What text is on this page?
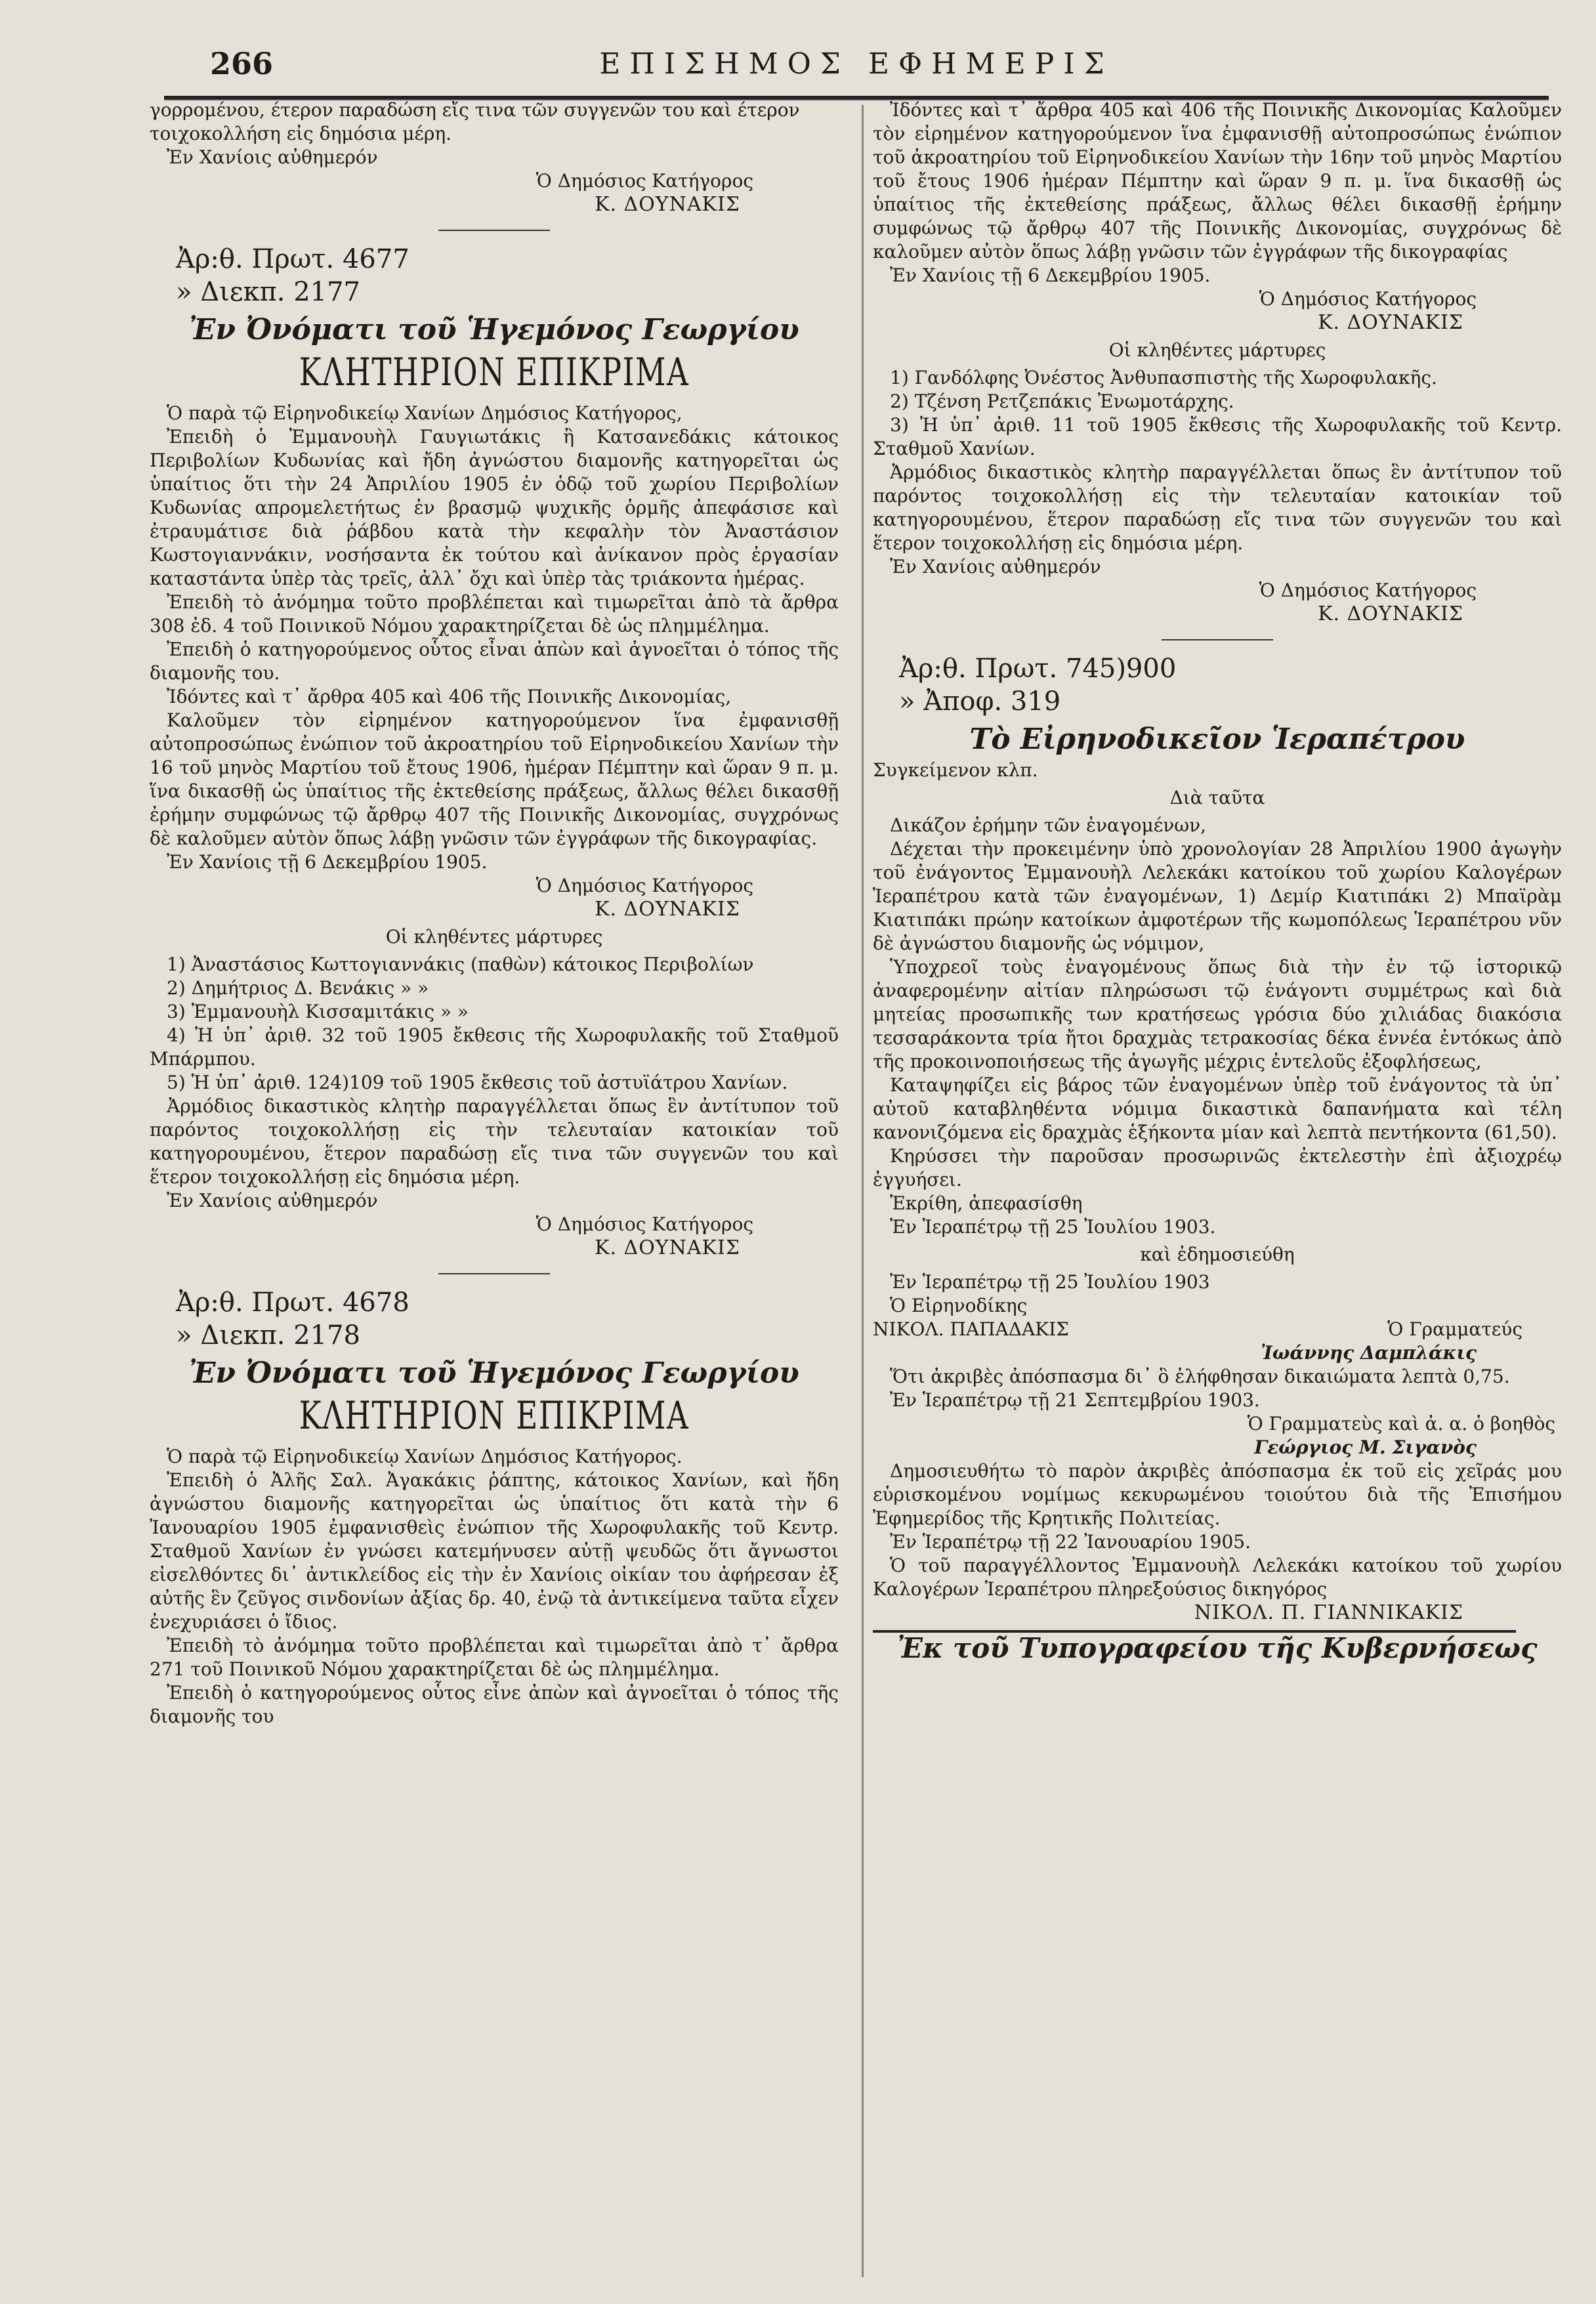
266	ΕΠΙΣΗΜΟΣ ΕΦΗΜΕΡΙΣ

γορρομένου, έτερον παραδώση εἴς τινα τῶν συγγενῶν του καὶ έτερον

τοιχοκολλήση εἰς δημόσια μέρη.

Ἐν Χανίοις αὐθημερόν

Ὁ Δημόσιος Κατήγορος

Κ. ΔΟΥΝΑΚΙΣ

Ἀρ:θ. Πρωτ. 4677

» Διεκπ. 2177

Ἐν Ὀνόματι τοῦ Ἡγεμόνος Γεωργίου

ΚΛΗΤΗΡΙΟΝ ΕΠΙΚΡΙΜΑ

Ὁ παρὰ τῷ Εἰρηνοδικείῳ Χανίων Δημόσιος Κατήγορος,

Ἐπειδὴ ὁ Ἐμμανουὴλ Γαυγιωτάκις ἢ Κατσανεδάκις κάτοικος Περιβολίων Κυδωνίας καὶ ἤδη ἀγνώστου διαμονῆς κατηγορεῖται ὡς ὑπαίτιος ὅτι τὴν 24 Ἀπριλίου 1905 ἐν ὁδῷ τοῦ χωρίου Περιβολίων Κυδωνίας απρομελετήτως ἐν βρασμῷ ψυχικῆς ὁρμῆς ἀπεφάσισε καὶ ἐτραυμάτισε διὰ ῥάβδου κατὰ τὴν κεφαλὴν τὸν Ἀναστάσιον Κωστογιαννάκιν, νοσήσαντα ἐκ τούτου καὶ ἀνίκανον πρὸς ἐργασίαν καταστάντα ὑπὲρ τὰς τρεῖς, ἀλλ᾽ ὄχι καὶ ὑπὲρ τὰς τριάκοντα ἡμέρας.

Ἐπειδὴ τὸ ἀνόμημα τοῦτο προβλέπεται καὶ τιμωρεῖται ἀπὸ τὰ ἄρθρα 308 ἐδ. 4 τοῦ Ποινικοῦ Νόμου χαρακτηρίζεται δὲ ὡς πλημμέλημα.

Ἐπειδὴ ὁ κατηγορούμενος οὗτος εἶναι ἀπὼν καὶ ἀγνοεῖται ὁ τόπος τῆς διαμονῆς του.

Ἰδόντες καὶ τ᾽ ἄρθρα 405 καὶ 406 τῆς Ποινικῆς Δικονομίας,

Καλοῦμεν τὸν εἰρημένον κατηγορούμενον ἵνα ἐμφανισθῇ αὐτοπροσώπως ἐνώπιον τοῦ ἀκροατηρίου τοῦ Εἰρηνοδικείου Χανίων τὴν 16 τοῦ μηνὸς Μαρτίου τοῦ ἔτους 1906, ἡμέραν Πέμπτην καὶ ὥραν 9 π. μ. ἵνα δικασθῇ ὡς ὑπαίτιος τῆς ἐκτεθείσης πράξεως, ἄλλως θέλει δικασθῇ ἐρήμην συμφώνως τῷ ἄρθρῳ 407 τῆς Ποινικῆς Δικονομίας, συγχρόνως δὲ καλοῦμεν αὐτὸν ὅπως λάβῃ γνῶσιν τῶν ἐγγράφων τῆς δικογραφίας.

Ἐν Χανίοις τῇ 6 Δεκεμβρίου 1905.

Ὁ Δημόσιος Κατήγορος

Κ. ΔΟΥΝΑΚΙΣ

Οἱ κληθέντες μάρτυρες

1) Ἀναστάσιος Κωττογιαννάκις (παθὼν) κάτοικος Περιβολίων

2) Δημήτριος Δ. Βενάκις » »

3) Ἐμμανουὴλ Κισσαμιτάκις » »

4) Ἡ ὑπ᾽ ἀριθ. 32 τοῦ 1905 ἔκθεσις τῆς Χωροφυλακῆς τοῦ Σταθμοῦ Μπάρμπου.

5) Ἡ ὑπ᾽ ἀριθ. 124)109 τοῦ 1905 ἔκθεσις τοῦ ἀστυϊάτρου Χανίων.

Ἀρμόδιος δικαστικὸς κλητὴρ παραγγέλλεται ὅπως ἓν ἀντίτυπον τοῦ παρόντος τοιχοκολλήσῃ εἰς τὴν τελευταίαν κατοικίαν τοῦ κατηγορουμένου, ἕτερον παραδώσῃ εἴς τινα τῶν συγγενῶν του καὶ ἕτερον τοιχοκολλήσῃ εἰς δημόσια μέρη.

Ἐν Χανίοις αὐθημερόν

Ὁ Δημόσιος Κατήγορος

Κ. ΔΟΥΝΑΚΙΣ

Ἀρ:θ. Πρωτ. 4678

» Διεκπ. 2178

Ἐν Ὀνόματι τοῦ Ἡγεμόνος Γεωργίου

ΚΛΗΤΗΡΙΟΝ ΕΠΙΚΡΙΜΑ

Ὁ παρὰ τῷ Εἰρηνοδικείῳ Χανίων Δημόσιος Κατήγορος.

Ἐπειδὴ ὁ Ἀλῆς Σαλ. Ἀγακάκις ῥάπτης, κάτοικος Χανίων, καὶ ἤδη ἀγνώστου διαμονῆς κατηγορεῖται ὡς ὑπαίτιος ὅτι κατὰ τὴν 6 Ἰανουαρίου 1905 ἐμφανισθεὶς ἐνώπιον τῆς Χωροφυλακῆς τοῦ Κεντρ. Σταθμοῦ Χανίων ἐν γνώσει κατεμήνυσεν αὐτῇ ψευδῶς ὅτι ἄγνωστοι εἰσελθόντες δι᾽ ἀντικλείδος εἰς τὴν ἐν Χανίοις οἰκίαν του ἀφήρεσαν ἐξ αὐτῆς ἓν ζεῦγος σινδονίων ἀξίας δρ. 40, ἐνῷ τὰ ἀντικείμενα ταῦτα εἶχεν ἐνεχυριάσει ὁ ἴδιος.

Ἐπειδὴ τὸ ἀνόμημα τοῦτο προβλέπεται καὶ τιμωρεῖται ἀπὸ τ᾽ ἄρθρα 271 τοῦ Ποινικοῦ Νόμου χαρακτηρίζεται δὲ ὡς πλημμέλημα.

Ἐπειδὴ ὁ κατηγορούμενος οὗτος εἶνε ἀπὼν καὶ ἀγνοεῖται ὁ τόπος τῆς διαμονῆς του

Ἰδόντες καὶ τ᾽ ἄρθρα 405 καὶ 406 τῆς Ποινικῆς Δικονομίας Καλοῦμεν τὸν εἰρημένον κατηγορούμενον ἵνα ἐμφανισθῇ αὐτοπροσώπως ἐνώπιον τοῦ ἀκροατηρίου τοῦ Εἰρηνοδικείου Χανίων τὴν 16ην τοῦ μηνὸς Μαρτίου τοῦ ἔτους 1906 ἡμέραν Πέμπτην καὶ ὥραν 9 π. μ. ἵνα δικασθῇ ὡς ὑπαίτιος τῆς ἐκτεθείσης πράξεως, ἄλλως θέλει δικασθῇ ἐρήμην συμφώνως τῷ ἄρθρῳ 407 τῆς Ποινικῆς Δικονομίας, συγχρόνως δὲ καλοῦμεν αὐτὸν ὅπως λάβῃ γνῶσιν τῶν ἐγγράφων τῆς δικογραφίας

Ἐν Χανίοις τῇ 6 Δεκεμβρίου 1905.

Ὁ Δημόσιος Κατήγορος

Κ. ΔΟΥΝΑΚΙΣ

Οἱ κληθέντες μάρτυρες

1) Γανδόλφης Ὀνέστος Ἀνθυπασπιστὴς τῆς Χωροφυλακῆς.

2) Τζένση Ρετζεπάκις Ἐνωμοτάρχης.

3) Ἡ ὑπ᾽ ἀριθ. 11 τοῦ 1905 ἔκθεσις τῆς Χωροφυλακῆς τοῦ Κεντρ. Σταθμοῦ Χανίων.

Ἀρμόδιος δικαστικὸς κλητὴρ παραγγέλλεται ὅπως ἓν ἀντίτυπον τοῦ παρόντος τοιχοκολλήσῃ εἰς τὴν τελευταίαν κατοικίαν τοῦ κατηγορουμένου, ἕτερον παραδώσῃ εἴς τινα τῶν συγγενῶν του καὶ ἕτερον τοιχοκολλήσῃ εἰς δημόσια μέρη.

Ἐν Χανίοις αὐθημερόν

Ὁ Δημόσιος Κατήγορος

Κ. ΔΟΥΝΑΚΙΣ

Ἀρ:θ. Πρωτ. 745)900

» Ἀποφ. 319

Τὸ Εἰρηνοδικεῖον Ἱεραπέτρου

Συγκείμενον κλπ.

Διὰ ταῦτα

Δικάζον ἐρήμην τῶν ἐναγομένων,

Δέχεται τὴν προκειμένην ὑπὸ χρονολογίαν 28 Ἀπριλίου 1900 ἀγωγὴν τοῦ ἐνάγοντος Ἐμμανουὴλ Λελεκάκι κατοίκου τοῦ χωρίου Καλογέρων Ἱεραπέτρου κατὰ τῶν ἐναγομένων, 1) Δεμίρ Κιατιπάκι 2) Μπαϊρὰμ Κιατιπάκι πρώην κατοίκων ἀμφοτέρων τῆς κωμοπόλεως Ἱεραπέτρου νῦν δὲ ἀγνώστου διαμονῆς ὡς νόμιμον,

Ὑποχρεοῖ τοὺς ἐναγομένους ὅπως διὰ τὴν ἐν τῷ ἱστορικῷ ἀναφερομένην αἰτίαν πληρώσωσι τῷ ἐνάγοντι συμμέτρως καὶ διὰ μητείας προσωπικῆς των κρατήσεως γρόσια δύο χιλιάδας διακόσια τεσσαράκοντα τρία ἤτοι δραχμὰς τετρακοσίας δέκα ἐννέα ἐντόκως ἀπὸ τῆς προκοινοποιήσεως τῆς ἀγωγῆς μέχρις ἐντελοῦς ἐξοφλήσεως,

Καταψηφίζει εἰς βάρος τῶν ἐναγομένων ὑπὲρ τοῦ ἐνάγοντος τὰ ὑπ᾽ αὐτοῦ καταβληθέντα νόμιμα δικαστικὰ δαπανήματα καὶ τέλη κανονιζόμενα εἰς δραχμὰς ἑξήκοντα μίαν καὶ λεπτὰ πεντήκοντα (61,50).

Κηρύσσει τὴν παροῦσαν προσωρινῶς ἐκτελεστὴν ἐπὶ ἀξιοχρέῳ ἐγγυήσει.

Ἐκρίθη, ἀπεφασίσθη

Ἐν Ἱεραπέτρῳ τῇ 25 Ἰουλίου 1903.

καὶ ἐδημοσιεύθη

Ἐν Ἱεραπέτρῳ τῇ 25 Ἰουλίου 1903

Ὁ Εἰρηνοδίκης

ΝΙΚΟΛ. ΠΑΠΑΔΑΚΙΣ	Ὁ Γραμματεύς

Ἰωάννης Δαμπλάκις

Ὅτι ἀκριβὲς ἀπόσπασμα δι᾽ ὃ ἐλήφθησαν δικαιώματα λεπτὰ 0,75.

Ἐν Ἱεραπέτρῳ τῇ 21 Σεπτεμβρίου 1903.

Ὁ Γραμματεὺς καὶ ἀ. α. ὁ βοηθὸς

Γεώργιος Μ. Σιγανὸς

Δημοσιευθήτω τὸ παρὸν ἀκριβὲς ἀπόσπασμα ἐκ τοῦ εἰς χεῖράς μου εὑρισκομένου νομίμως κεκυρωμένου τοιούτου διὰ τῆς Ἐπισήμου Ἐφημερίδος τῆς Κρητικῆς Πολιτείας.

Ἐν Ἱεραπέτρῳ τῇ 22 Ἰανουαρίου 1905.

Ὁ τοῦ παραγγέλλοντος Ἐμμανουὴλ Λελεκάκι κατοίκου τοῦ χωρίου Καλογέρων Ἱεραπέτρου πληρεξούσιος δικηγόρος

ΝΙΚΟΛ. Π. ΓΙΑΝΝΙΚΑΚΙΣ

Ἐκ τοῦ Τυπογραφείου τῆς Κυβερνήσεως
